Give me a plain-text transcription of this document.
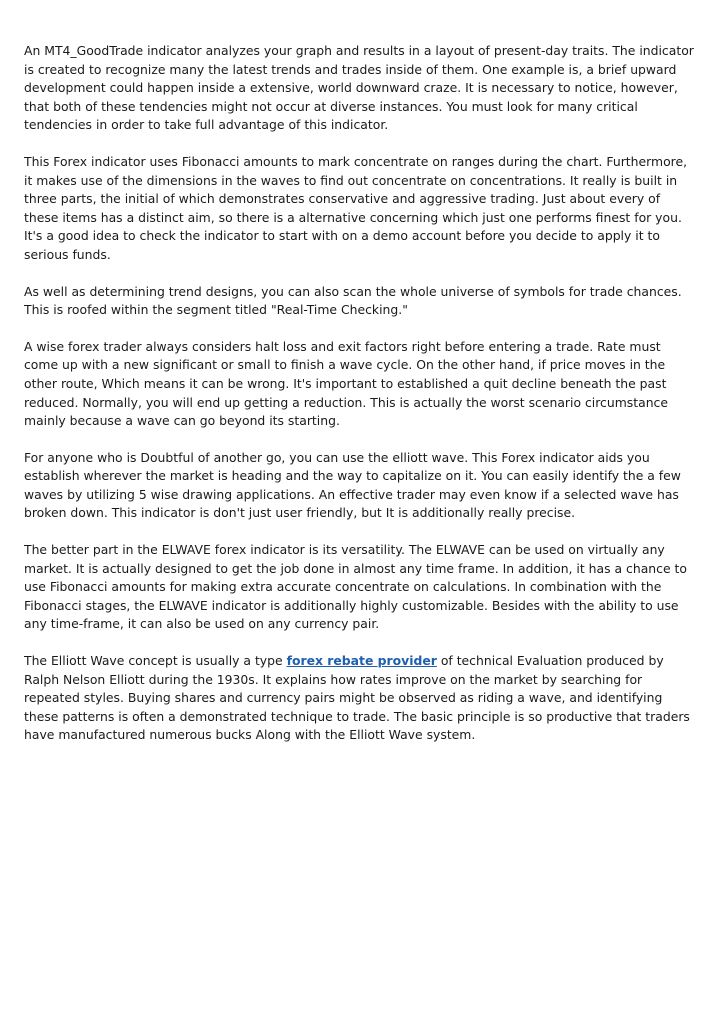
An MT4_GoodTrade indicator analyzes your graph and results in a layout of present-day traits. The indicator is created to recognize many the latest trends and trades inside of them. One example is, a brief upward development could happen inside a extensive, world downward craze. It is necessary to notice, however, that both of these tendencies might not occur at diverse instances. You must look for many critical tendencies in order to take full advantage of this indicator.

This Forex indicator uses Fibonacci amounts to mark concentrate on ranges during the chart. Furthermore, it makes use of the dimensions in the waves to find out concentrate on concentrations. It really is built in three parts, the initial of which demonstrates conservative and aggressive trading. Just about every of these items has a distinct aim, so there is a alternative concerning which just one performs finest for you. It's a good idea to check the indicator to start with on a demo account before you decide to apply it to serious funds.

As well as determining trend designs, you can also scan the whole universe of symbols for trade chances. This is roofed within the segment titled "Real-Time Checking."

A wise forex trader always considers halt loss and exit factors right before entering a trade. Rate must come up with a new significant or small to finish a wave cycle. On the other hand, if price moves in the other route, Which means it can be wrong. It's important to established a quit decline beneath the past reduced. Normally, you will end up getting a reduction. This is actually the worst scenario circumstance mainly because a wave can go beyond its starting.

For anyone who is Doubtful of another go, you can use the elliott wave. This Forex indicator aids you establish wherever the market is heading and the way to capitalize on it. You can easily identify the a few waves by utilizing 5 wise drawing applications. An effective trader may even know if a selected wave has broken down. This indicator is don't just user friendly, but It is additionally really precise.

The better part in the ELWAVE forex indicator is its versatility. The ELWAVE can be used on virtually any market. It is actually designed to get the job done in almost any time frame. In addition, it has a chance to use Fibonacci amounts for making extra accurate concentrate on calculations. In combination with the Fibonacci stages, the ELWAVE indicator is additionally highly customizable. Besides with the ability to use any time-frame, it can also be used on any currency pair.

The Elliott Wave concept is usually a type forex rebate provider of technical Evaluation produced by Ralph Nelson Elliott during the 1930s. It explains how rates improve on the market by searching for repeated styles. Buying shares and currency pairs might be observed as riding a wave, and identifying these patterns is often a demonstrated technique to trade. The basic principle is so productive that traders have manufactured numerous bucks Along with the Elliott Wave system.
